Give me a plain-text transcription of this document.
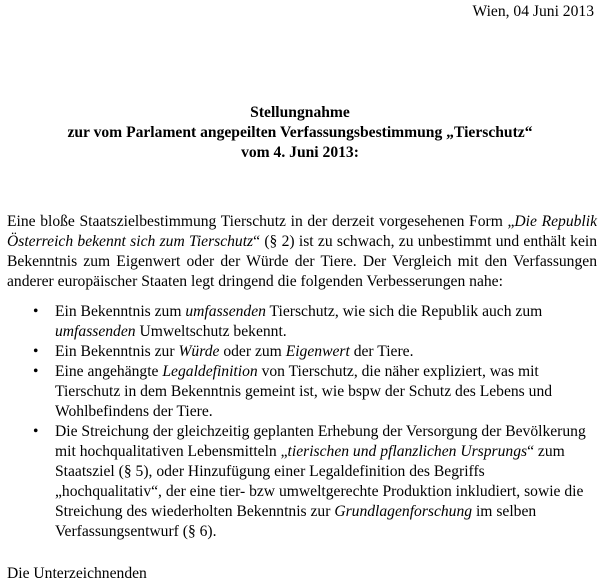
Wien, 04 Juni 2013
Stellungnahme
zur vom Parlament angepeilten Verfassungsbestimmung „Tierschutz“
vom 4. Juni 2013:

Eine bloße Staatszielbestimmung Tierschutz in der derzeit vorgesehenen Form „Die Republik Österreich bekennt sich zum Tierschutz“ (§ 2) ist zu schwach, zu unbestimmt und enthält kein Bekenntnis zum Eigenwert oder der Würde der Tiere. Der Vergleich mit den Verfassungen anderer europäischer Staaten legt dringend die folgenden Verbesserungen nahe:

• Ein Bekenntnis zum umfassenden Tierschutz, wie sich die Republik auch zum umfassenden Umweltschutz bekennt.
• Ein Bekenntnis zur Würde oder zum Eigenwert der Tiere.
• Eine angehängte Legaldefinition von Tierschutz, die näher expliziert, was mit Tierschutz in dem Bekenntnis gemeint ist, wie bspw der Schutz des Lebens und Wohlbefindens der Tiere.
• Die Streichung der gleichzeitig geplanten Erhebung der Versorgung der Bevölkerung mit hochqualitativen Lebensmitteln „tierischen und pflanzlichen Ursprungs“ zum Staatsziel (§ 5), oder Hinzufügung einer Legaldefinition des Begriffs „hochqualitativ“, der eine tier- bzw umweltgerechte Produktion inkludiert, sowie die Streichung des wiederholten Bekenntnis zur Grundlagenforschung im selben Verfassungsentwurf (§ 6).
Die Unterzeichnenden
